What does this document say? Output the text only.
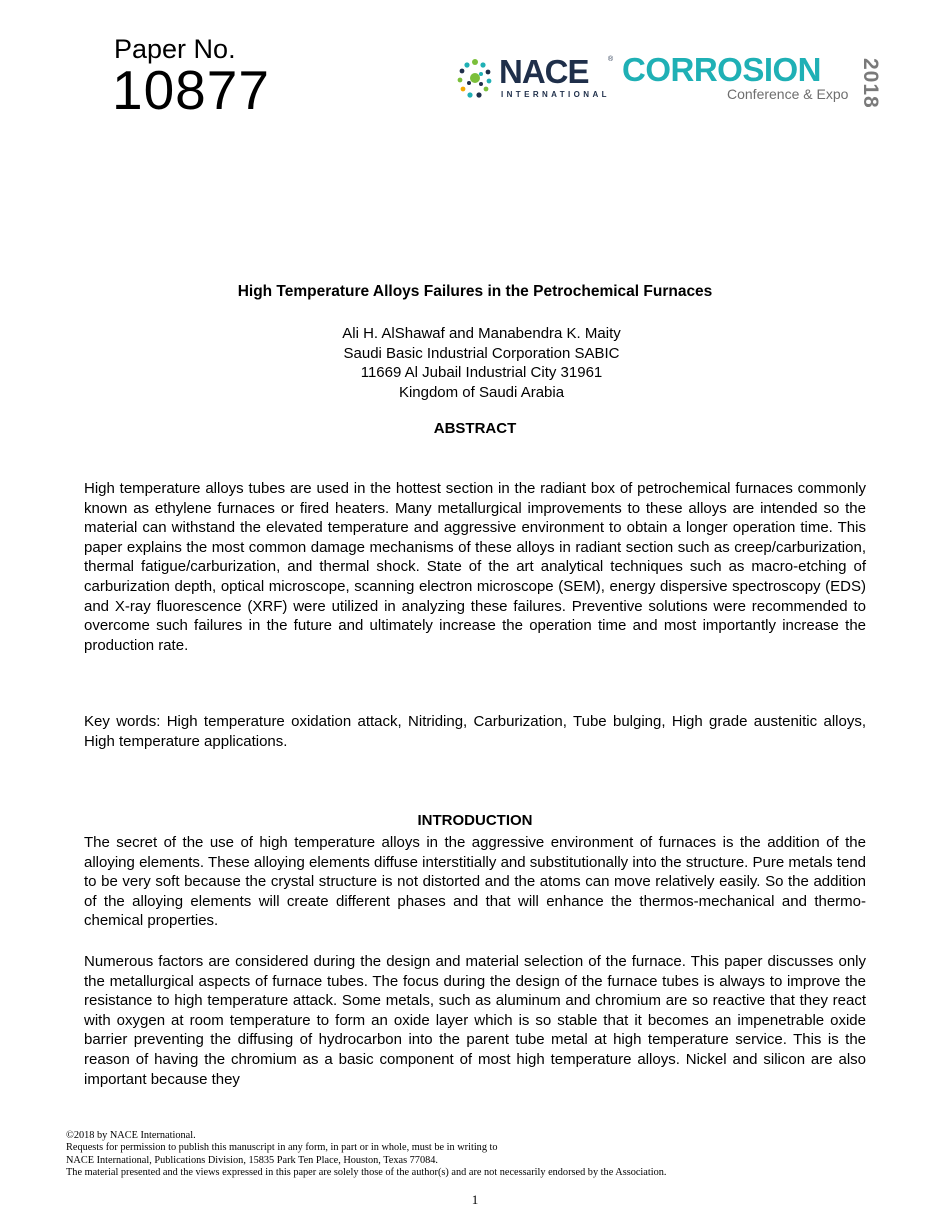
Paper No.
10877	NACE	®
INTERNATIONAL
CORROSION
Conference & Expo 2018
High Temperature Alloys Failures in the Petrochemical Furnaces
Ali H. AlShawaf and Manabendra K. Maity
Saudi Basic Industrial Corporation SABIC
11669 Al Jubail Industrial City 31961
Kingdom of Saudi Arabia
ABSTRACT
High temperature alloys tubes are used in the hottest section in the radiant box of petrochemical furnaces commonly known as ethylene furnaces or fired heaters. Many metallurgical improvements to these alloys are intended so the material can withstand the elevated temperature and aggressive environment to obtain a longer operation time. This paper explains the most common damage mechanisms of these alloys in radiant section such as creep/carburization, thermal fatigue/carburization, and thermal shock. State of the art analytical techniques such as macro-etching of carburization depth, optical microscope, scanning electron microscope (SEM), energy dispersive spectroscopy (EDS) and X-ray fluorescence (XRF) were utilized in analyzing these failures. Preventive solutions were recommended to overcome such failures in the future and ultimately increase the operation time and most importantly increase the production rate.
Key words: High temperature oxidation attack, Nitriding, Carburization, Tube bulging, High grade austenitic alloys, High temperature applications.
INTRODUCTION
The secret of the use of high temperature alloys in the aggressive environment of furnaces is the addition of the alloying elements. These alloying elements diffuse interstitially and substitutionally into the structure. Pure metals tend to be very soft because the crystal structure is not distorted and the atoms can move relatively easily. So the addition of the alloying elements will create different phases and that will enhance the thermos-mechanical and thermo-chemical properties.
Numerous factors are considered during the design and material selection of the furnace. This paper discusses only the metallurgical aspects of furnace tubes. The focus during the design of the furnace tubes is always to improve the resistance to high temperature attack. Some metals, such as aluminum and chromium are so reactive that they react with oxygen at room temperature to form an oxide layer which is so stable that it becomes an impenetrable oxide barrier preventing the diffusing of hydrocarbon into the parent tube metal at high temperature service. This is the reason of having the chromium as a basic component of most high temperature alloys. Nickel and silicon are also important because they
©2018 by NACE International.
Requests for permission to publish this manuscript in any form, in part or in whole, must be in writing to
NACE International, Publications Division, 15835 Park Ten Place, Houston, Texas 77084.
The material presented and the views expressed in this paper are solely those of the author(s) and are not necessarily endorsed by the Association.
1
